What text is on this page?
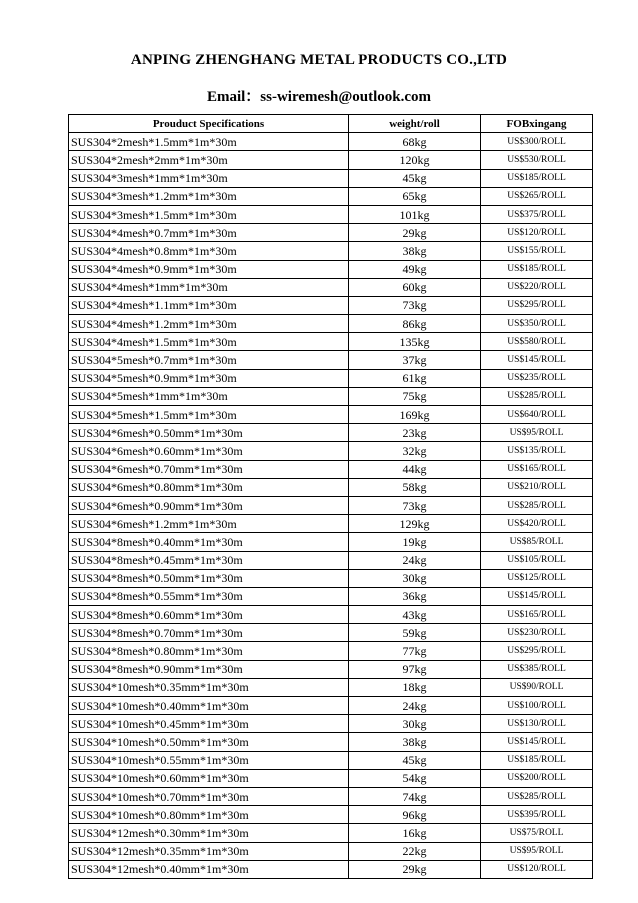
ANPING ZHENGHANG METAL PRODUCTS CO.,LTD
Email：ss-wiremesh@outlook.com
Prouduct Specifications	weight/roll	FOBxingang
SUS304*2mesh*1.5mm*1m*30m	68kg	US$300/ROLL
SUS304*2mesh*2mm*1m*30m	120kg	US$530/ROLL
SUS304*3mesh*1mm*1m*30m	45kg	US$185/ROLL
SUS304*3mesh*1.2mm*1m*30m	65kg	US$265/ROLL
SUS304*3mesh*1.5mm*1m*30m	101kg	US$375/ROLL
SUS304*4mesh*0.7mm*1m*30m	29kg	US$120/ROLL
SUS304*4mesh*0.8mm*1m*30m	38kg	US$155/ROLL
SUS304*4mesh*0.9mm*1m*30m	49kg	US$185/ROLL
SUS304*4mesh*1mm*1m*30m	60kg	US$220/ROLL
SUS304*4mesh*1.1mm*1m*30m	73kg	US$295/ROLL
SUS304*4mesh*1.2mm*1m*30m	86kg	US$350/ROLL
SUS304*4mesh*1.5mm*1m*30m	135kg	US$580/ROLL
SUS304*5mesh*0.7mm*1m*30m	37kg	US$145/ROLL
SUS304*5mesh*0.9mm*1m*30m	61kg	US$235/ROLL
SUS304*5mesh*1mm*1m*30m	75kg	US$285/ROLL
SUS304*5mesh*1.5mm*1m*30m	169kg	US$640/ROLL
SUS304*6mesh*0.50mm*1m*30m	23kg	US$95/ROLL
SUS304*6mesh*0.60mm*1m*30m	32kg	US$135/ROLL
SUS304*6mesh*0.70mm*1m*30m	44kg	US$165/ROLL
SUS304*6mesh*0.80mm*1m*30m	58kg	US$210/ROLL
SUS304*6mesh*0.90mm*1m*30m	73kg	US$285/ROLL
SUS304*6mesh*1.2mm*1m*30m	129kg	US$420/ROLL
SUS304*8mesh*0.40mm*1m*30m	19kg	US$85/ROLL
SUS304*8mesh*0.45mm*1m*30m	24kg	US$105/ROLL
SUS304*8mesh*0.50mm*1m*30m	30kg	US$125/ROLL
SUS304*8mesh*0.55mm*1m*30m	36kg	US$145/ROLL
SUS304*8mesh*0.60mm*1m*30m	43kg	US$165/ROLL
SUS304*8mesh*0.70mm*1m*30m	59kg	US$230/ROLL
SUS304*8mesh*0.80mm*1m*30m	77kg	US$295/ROLL
SUS304*8mesh*0.90mm*1m*30m	97kg	US$385/ROLL
SUS304*10mesh*0.35mm*1m*30m	18kg	US$90/ROLL
SUS304*10mesh*0.40mm*1m*30m	24kg	US$100/ROLL
SUS304*10mesh*0.45mm*1m*30m	30kg	US$130/ROLL
SUS304*10mesh*0.50mm*1m*30m	38kg	US$145/ROLL
SUS304*10mesh*0.55mm*1m*30m	45kg	US$185/ROLL
SUS304*10mesh*0.60mm*1m*30m	54kg	US$200/ROLL
SUS304*10mesh*0.70mm*1m*30m	74kg	US$285/ROLL
SUS304*10mesh*0.80mm*1m*30m	96kg	US$395/ROLL
SUS304*12mesh*0.30mm*1m*30m	16kg	US$75/ROLL
SUS304*12mesh*0.35mm*1m*30m	22kg	US$95/ROLL
SUS304*12mesh*0.40mm*1m*30m	29kg	US$120/ROLL
